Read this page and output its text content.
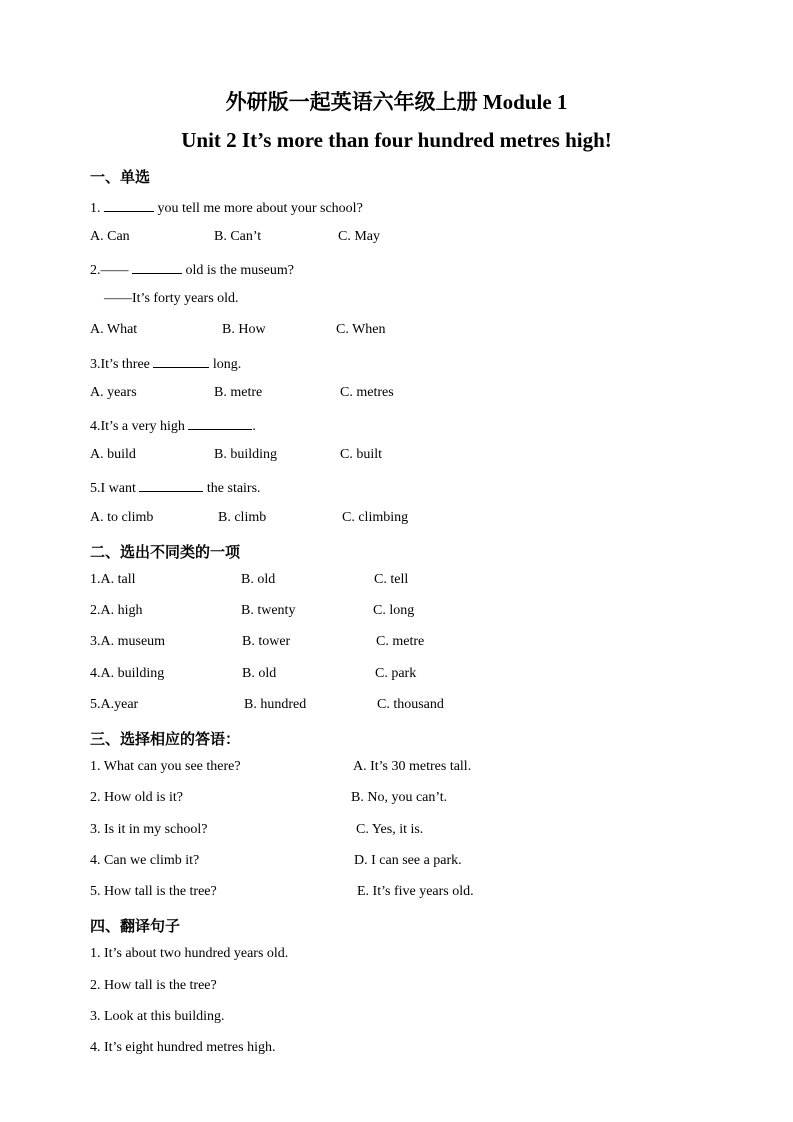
外研版一起英语六年级上册 Module 1
Unit 2 It’s more than four hundred metres high!
一、单选
1.	you tell me more about your school?
A. Can	B. Can’t	C. May
2.——	old is the museum?
——It’s forty years old.
A. What	B. How	C. When
3.It’s three	long.
A. years	B. metre	C. metres
4.It’s a very high	.
A. build	B. building	C. built
5.I want	the stairs.
A. to climb	B. climb	C. climbing
二、选出不同类的一项
1.A. tall	B. old	C. tell
2.A. high	B. twenty	C. long
3.A. museum	B. tower	C. metre
4.A. building	B. old	C. park
5.A.year	B. hundred	C. thousand
三、选择相应的答语：
1. What can you see there?	A. It’s 30 metres tall.
2. How old is it?	B. No, you can’t.
3. Is it in my school?	C. Yes, it is.
4. Can we climb it?	D. I can see a park.
5. How tall is the tree?	E. It’s five years old.
四、翻译句子
1. It’s about two hundred years old.
2. How tall is the tree?
3. Look at this building.
4. It’s eight hundred metres high.
